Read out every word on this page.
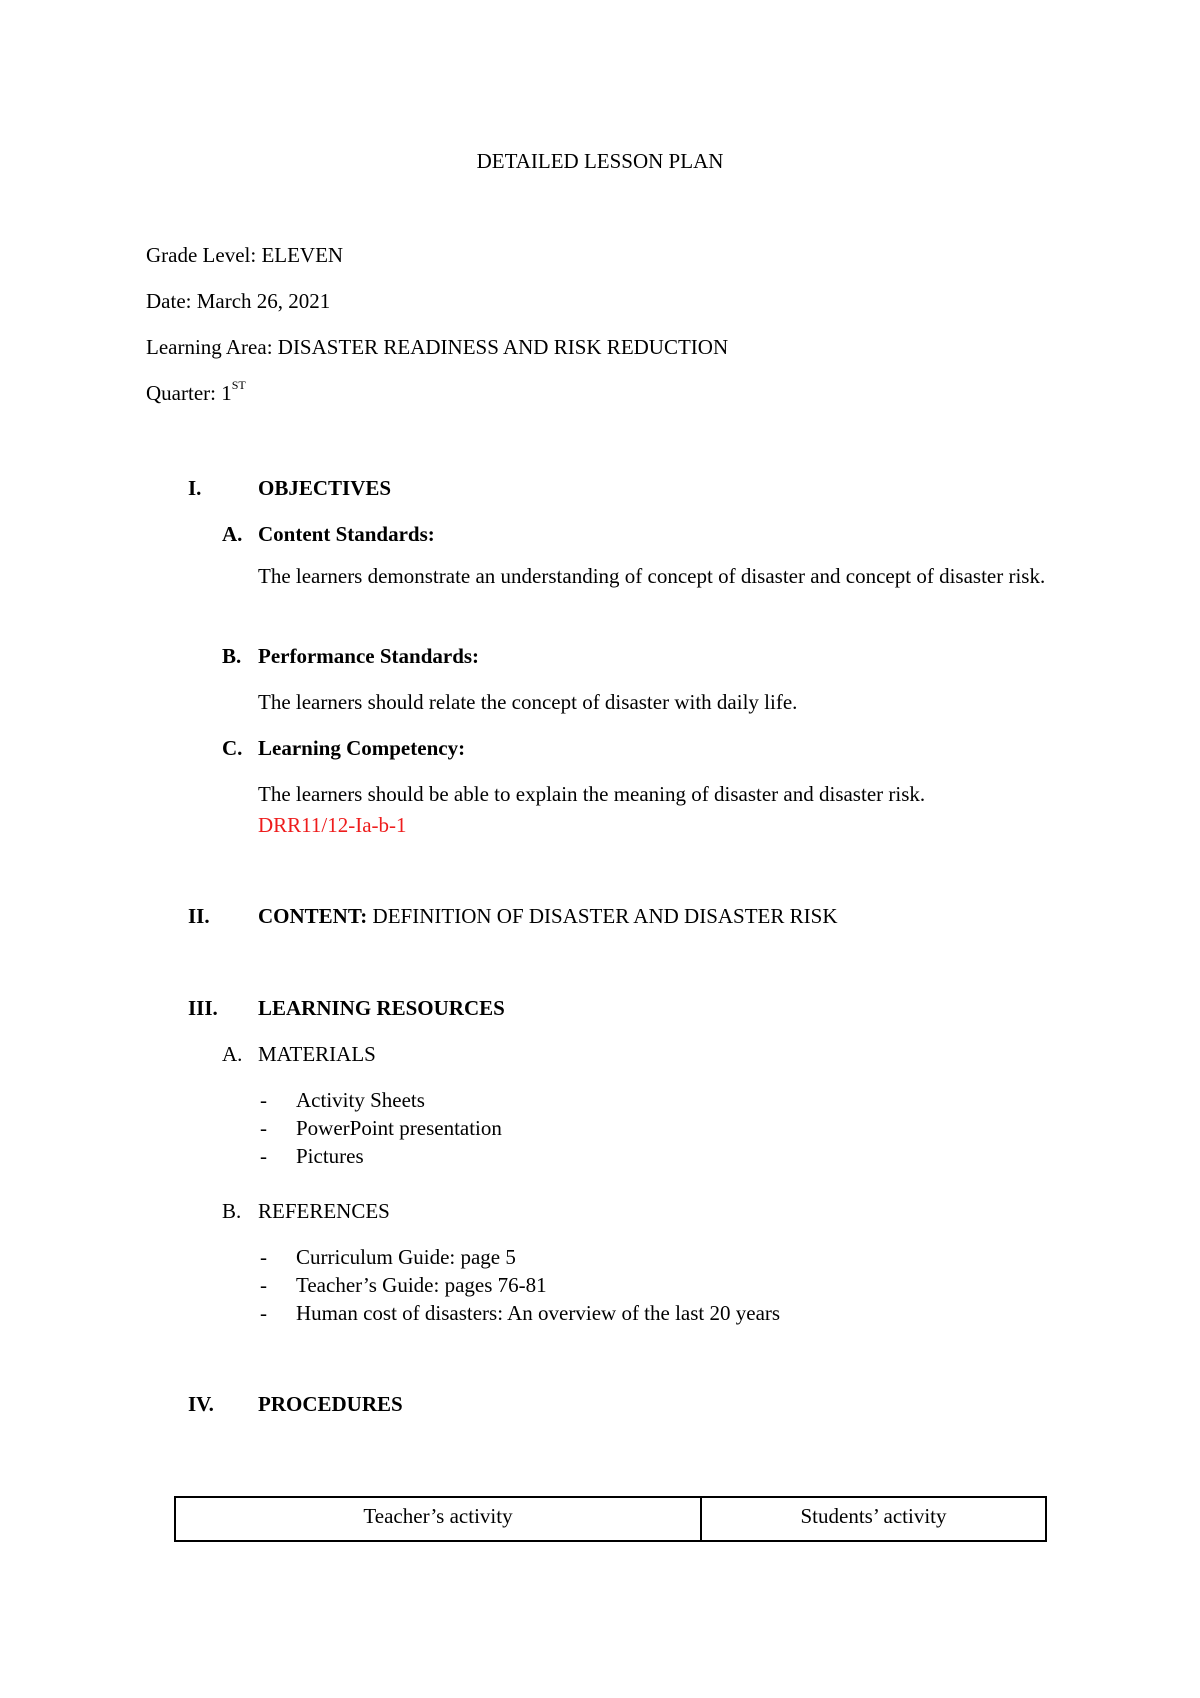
DETAILED LESSON PLAN
Grade Level: ELEVEN
Date: March 26, 2021
Learning Area: DISASTER READINESS AND RISK REDUCTION
Quarter: 1ST
I.	OBJECTIVES
A. Content Standards:
The learners demonstrate an understanding of concept of disaster and concept of disaster risk.
B. Performance Standards:
The learners should relate the concept of disaster with daily life.
C. Learning Competency:
The learners should be able to explain the meaning of disaster and disaster risk.
DRR11/12-Ia-b-1
II. CONTENT: DEFINITION OF DISASTER AND DISASTER RISK
III. LEARNING RESOURCES
A. MATERIALS
- Activity Sheets
- PowerPoint presentation
- Pictures
B. REFERENCES
- Curriculum Guide: page 5
- Teacher’s Guide: pages 76-81
- Human cost of disasters: An overview of the last 20 years
IV. PROCEDURES
Teacher’s activity	Students’ activity
